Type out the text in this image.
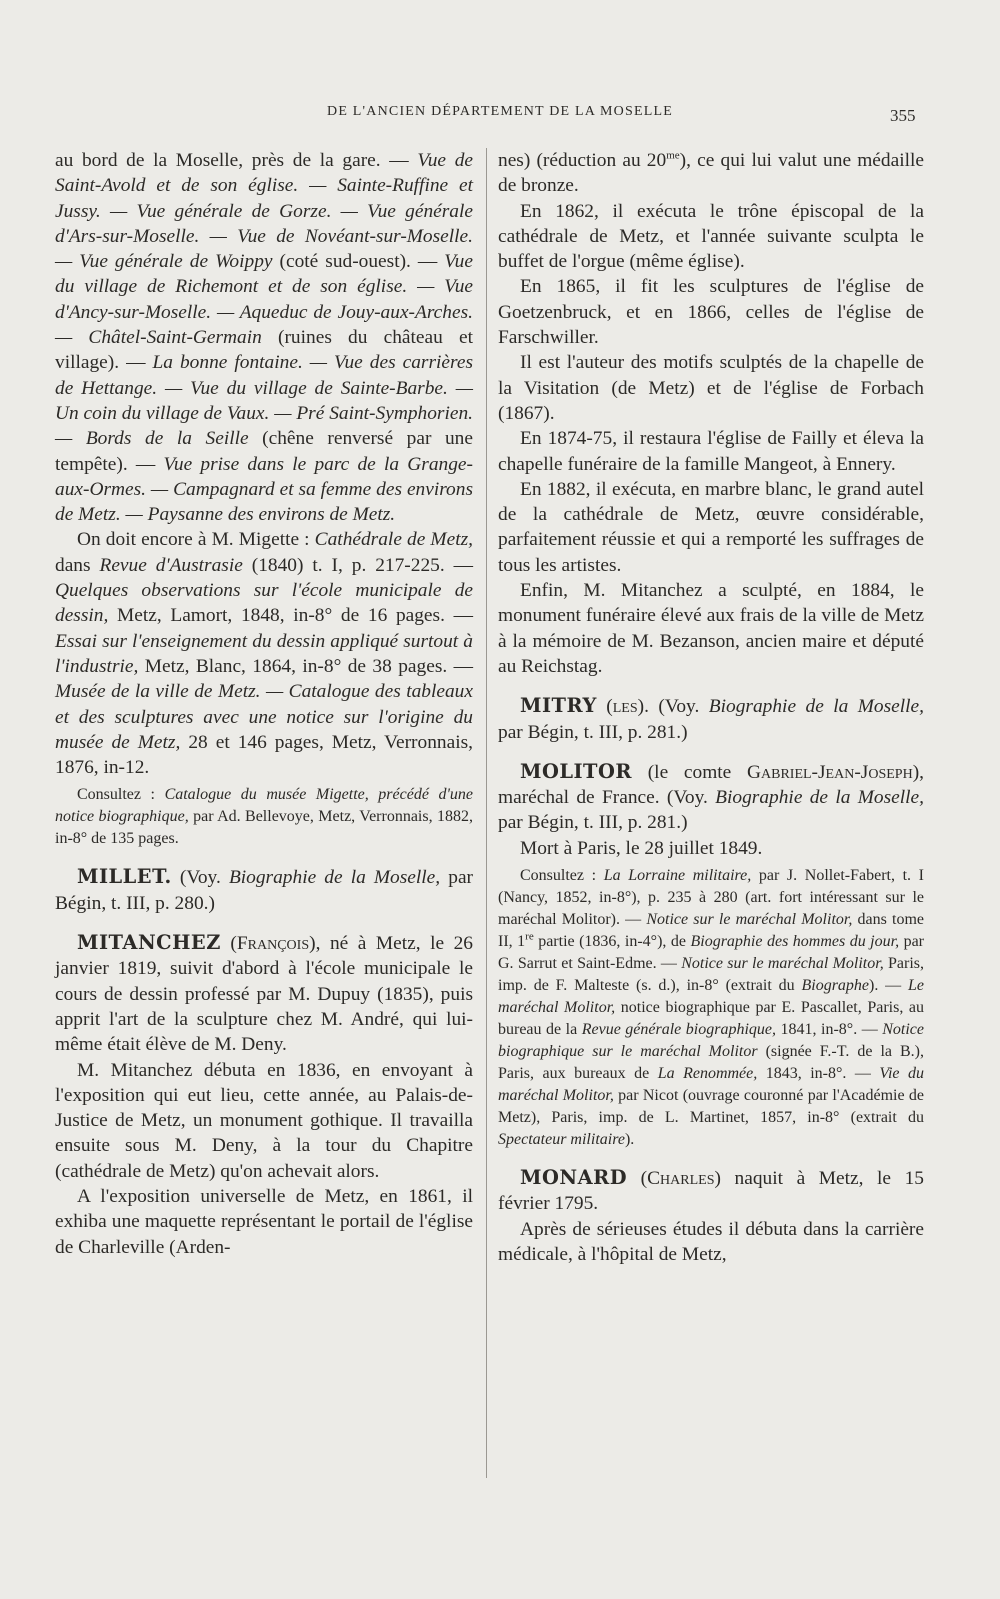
DE L'ANCIEN DÉPARTEMENT DE LA MOSELLE	355

au bord de la Moselle, près de la gare. — Vue de Saint-Avold et de son église. — Sainte-Ruffine et Jussy. — Vue générale de Gorze. — Vue générale d'Ars-sur-Moselle. — Vue de Novéant-sur-Moselle. — Vue générale de Woippy (coté sud-ouest). — Vue du village de Richemont et de son église. — Vue d'Ancy-sur-Moselle. — Aqueduc de Jouy-aux-Arches. — Châtel-Saint-Germain (ruines du château et village). — La bonne fontaine. — Vue des carrières de Hettange. — Vue du village de Sainte-Barbe. — Un coin du village de Vaux. — Pré Saint-Symphorien. — Bords de la Seille (chêne renversé par une tempête). — Vue prise dans le parc de la Grange-aux-Ormes. — Campagnard et sa femme des environs de Metz. — Paysanne des environs de Metz.

On doit encore à M. Migette : Cathédrale de Metz, dans Revue d'Austrasie (1840) t. I, p. 217-225. — Quelques observations sur l'école municipale de dessin, Metz, Lamort, 1848, in-8° de 16 pages. — Essai sur l'enseignement du dessin appliqué surtout à l'industrie, Metz, Blanc, 1864, in-8° de 38 pages. — Musée de la ville de Metz. — Catalogue des tableaux et des sculptures avec une notice sur l'origine du musée de Metz, 28 et 146 pages, Metz, Verronnais, 1876, in-12.

Consultez : Catalogue du musée Migette, précédé d'une notice biographique, par Ad. Bellevoye, Metz, Verronnais, 1882, in-8° de 135 pages.

MILLET. (Voy. Biographie de la Moselle, par Bégin, t. III, p. 280.)

MITANCHEZ (François), né à Metz, le 26 janvier 1819, suivit d'abord à l'école municipale le cours de dessin professé par M. Dupuy (1835), puis apprit l'art de la sculpture chez M. André, qui lui-même était élève de M. Deny.

M. Mitanchez débuta en 1836, en envoyant à l'exposition qui eut lieu, cette année, au Palais-de-Justice de Metz, un monument gothique. Il travailla ensuite sous M. Deny, à la tour du Chapitre (cathédrale de Metz) qu'on achevait alors.

A l'exposition universelle de Metz, en 1861, il exhiba une maquette représentant le portail de l'église de Charleville (Arden-

nes) (réduction au $20^{me}$), ce qui lui valut une médaille de bronze.

En 1862, il exécuta le trône épiscopal de la cathédrale de Metz, et l'année suivante sculpta le buffet de l'orgue (même église).

En 1865, il fit les sculptures de l'église de Goetzenbruck, et en 1866, celles de l'église de Farschwiller.

Il est l'auteur des motifs sculptés de la chapelle de la Visitation (de Metz) et de l'église de Forbach (1867).

En 1874-75, il restaura l'église de Failly et éleva la chapelle funéraire de la famille Mangeot, à Ennery.

En 1882, il exécuta, en marbre blanc, le grand autel de la cathédrale de Metz, œuvre considérable, parfaitement réussie et qui a remporté les suffrages de tous les artistes.

Enfin, M. Mitanchez a sculpté, en 1884, le monument funéraire élevé aux frais de la ville de Metz à la mémoire de M. Bezanson, ancien maire et député au Reichstag.

MITRY (les). (Voy. Biographie de la Moselle, par Bégin, t. III, p. 281.)

MOLITOR (le comte Gabriel-Jean-Joseph), maréchal de France. (Voy. Biographie de la Moselle, par Bégin, t. III, p. 281.)

Mort à Paris, le 28 juillet 1849.

Consultez : La Lorraine militaire, par J. Nollet-Fabert, t. I (Nancy, 1852, in-8°), p. 235 à 280 (art. fort intéressant sur le maréchal Molitor). — Notice sur le maréchal Molitor, dans tome II, 1re partie (1836, in-4°), de Biographie des hommes du jour, par G. Sarrut et Saint-Edme. — Notice sur le maréchal Molitor, Paris, imp. de F. Malteste (s. d.), in-8° (extrait du Biographe). — Le maréchal Molitor, notice biographique par E. Pascallet, Paris, au bureau de la Revue générale biographique, 1841, in-8°. — Notice biographique sur le maréchal Molitor (signée F.-T. de la B.), Paris, aux bureaux de La Renommée, 1843, in-8°. — Vie du maréchal Molitor, par Nicot (ouvrage couronné par l'Académie de Metz), Paris, imp. de L. Martinet, 1857, in-8° (extrait du Spectateur militaire).

MONARD (Charles) naquit à Metz, le 15 février 1795.

Après de sérieuses études il débuta dans la carrière médicale, à l'hôpital de Metz,
